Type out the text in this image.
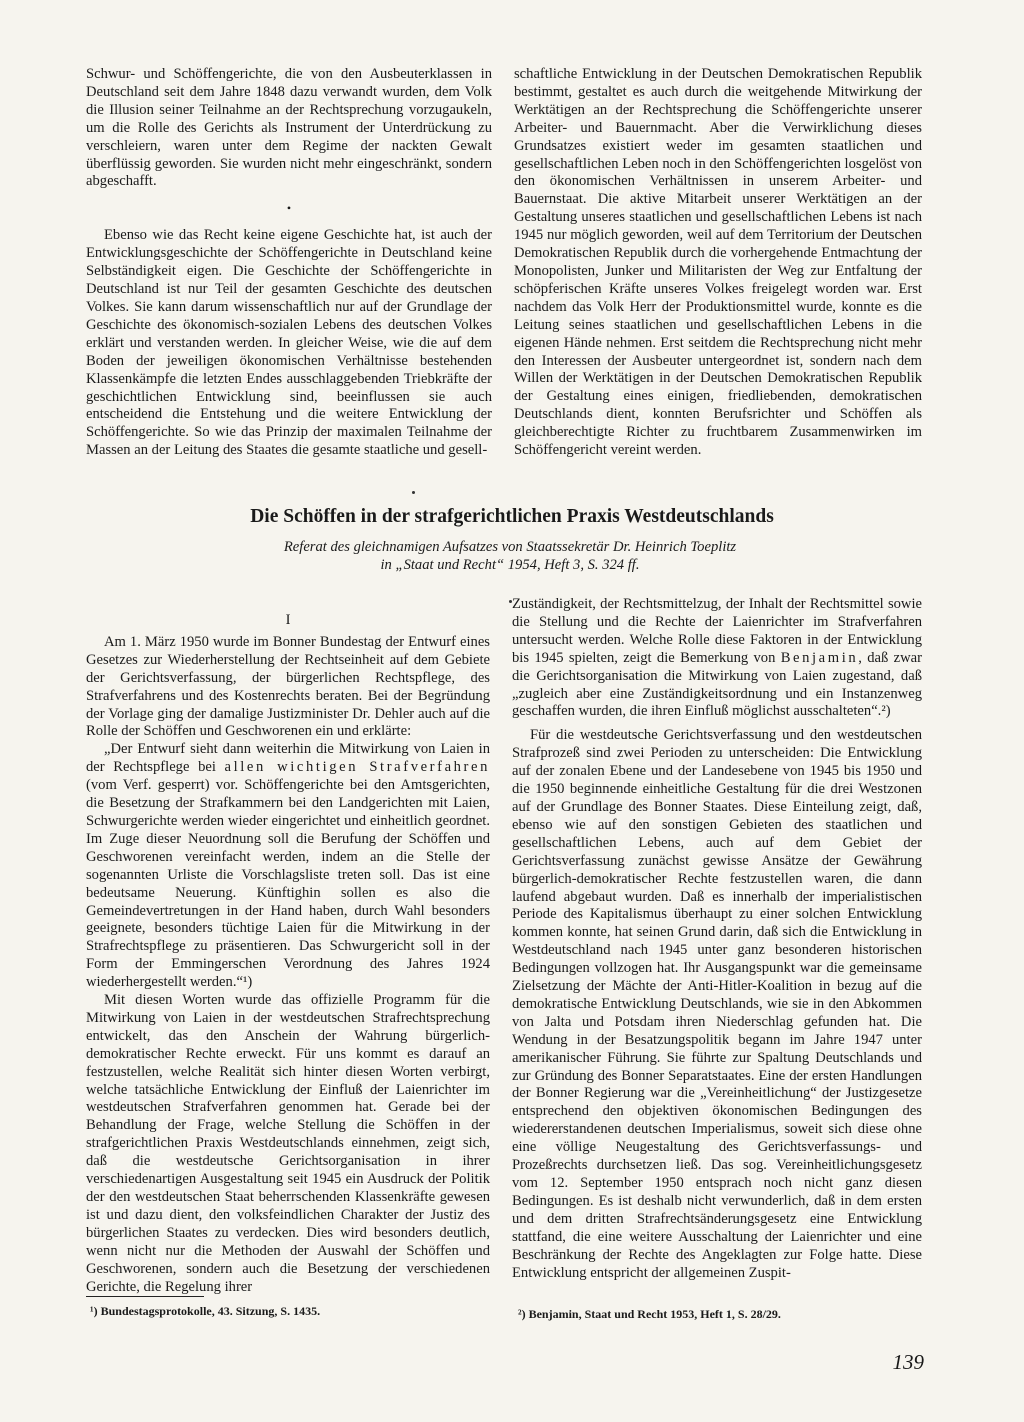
Schwur- und Schöffengerichte, die von den Ausbeuterklassen in Deutschland seit dem Jahre 1848 dazu verwandt wurden, dem Volk die Illusion seiner Teilnahme an der Rechtsprechung vorzugaukeln, um die Rolle des Gerichts als Instrument der Unterdrückung zu verschleiern, waren unter dem Regime der nackten Gewalt überflüssig geworden. Sie wurden nicht mehr eingeschränkt, sondern abgeschafft.

•

Ebenso wie das Recht keine eigene Geschichte hat, ist auch der Entwicklungsgeschichte der Schöffengerichte in Deutschland keine Selbständigkeit eigen. Die Geschichte der Schöffengerichte in Deutschland ist nur Teil der gesamten Geschichte des deutschen Volkes. Sie kann darum wissenschaftlich nur auf der Grundlage der Geschichte des ökonomisch-sozialen Lebens des deutschen Volkes erklärt und verstanden werden. In gleicher Weise, wie die auf dem Boden der jeweiligen ökonomischen Verhältnisse bestehenden Klassenkämpfe die letzten Endes ausschlaggebenden Triebkräfte der geschichtlichen Entwicklung sind, beeinflussen sie auch entscheidend die Entstehung und die weitere Entwicklung der Schöffengerichte. So wie das Prinzip der maximalen Teilnahme der Massen an der Leitung des Staates die gesamte staatliche und gesell-

schaftliche Entwicklung in der Deutschen Demokratischen Republik bestimmt, gestaltet es auch durch die weitgehende Mitwirkung der Werktätigen an der Rechtsprechung die Schöffengerichte unserer Arbeiter- und Bauernmacht. Aber die Verwirklichung dieses Grundsatzes existiert weder im gesamten staatlichen und gesellschaftlichen Leben noch in den Schöffengerichten losgelöst von den ökonomischen Verhältnissen in unserem Arbeiter- und Bauernstaat. Die aktive Mitarbeit unserer Werktätigen an der Gestaltung unseres staatlichen und gesellschaftlichen Lebens ist nach 1945 nur möglich geworden, weil auf dem Territorium der Deutschen Demokratischen Republik durch die vorhergehende Entmachtung der Monopolisten, Junker und Militaristen der Weg zur Entfaltung der schöpferischen Kräfte unseres Volkes freigelegt worden war. Erst nachdem das Volk Herr der Produktionsmittel wurde, konnte es die Leitung seines staatlichen und gesellschaftlichen Lebens in die eigenen Hände nehmen. Erst seitdem die Rechtsprechung nicht mehr den Interessen der Ausbeuter untergeordnet ist, sondern nach dem Willen der Werktätigen in der Deutschen Demokratischen Republik der Gestaltung eines einigen, friedliebenden, demokratischen Deutschlands dient, konnten Berufsrichter und Schöffen als gleichberechtigte Richter zu fruchtbarem Zusammenwirken im Schöffengericht vereint werden.

Die Schöffen in der strafgerichtlichen Praxis Westdeutschlands
Referat des gleichnamigen Aufsatzes von Staatssekretär Dr. Heinrich Toeplitz
in „Staat und Recht“ 1954, Heft 3, S. 324 ff.
I

Am 1. März 1950 wurde im Bonner Bundestag der Entwurf eines Gesetzes zur Wiederherstellung der Rechtseinheit auf dem Gebiete der Gerichtsverfassung, der bürgerlichen Rechtspflege, des Strafverfahrens und des Kostenrechts beraten. Bei der Begründung der Vorlage ging der damalige Justizminister Dr. Dehler auch auf die Rolle der Schöffen und Geschworenen ein und erklärte:

„Der Entwurf sieht dann weiterhin die Mitwirkung von Laien in der Rechtspflege bei allen wichtigen Strafverfahren (vom Verf. gesperrt) vor. Schöffengerichte bei den Amtsgerichten, die Besetzung der Strafkammern bei den Landgerichten mit Laien, Schwurgerichte werden wieder eingerichtet und einheitlich geordnet. Im Zuge dieser Neuordnung soll die Berufung der Schöffen und Geschworenen vereinfacht werden, indem an die Stelle der sogenannten Urliste die Vorschlagsliste treten soll. Das ist eine bedeutsame Neuerung. Künftighin sollen es also die Gemeindevertretungen in der Hand haben, durch Wahl besonders geeignete, besonders tüchtige Laien für die Mitwirkung in der Strafrechtspflege zu präsentieren. Das Schwurgericht soll in der Form der Emmingerschen Verordnung des Jahres 1924 wiederhergestellt werden.“¹)

Mit diesen Worten wurde das offizielle Programm für die Mitwirkung von Laien in der westdeutschen Strafrechtsprechung entwickelt, das den Anschein der Wahrung bürgerlich-demokratischer Rechte erweckt. Für uns kommt es darauf an festzustellen, welche Realität sich hinter diesen Worten verbirgt, welche tatsächliche Entwicklung der Einfluß der Laienrichter im westdeutschen Strafverfahren genommen hat. Gerade bei der Behandlung der Frage, welche Stellung die Schöffen in der strafgerichtlichen Praxis Westdeutschlands einnehmen, zeigt sich, daß die westdeutsche Gerichtsorganisation in ihrer verschiedenartigen Ausgestaltung seit 1945 ein Ausdruck der Politik der den westdeutschen Staat beherrschenden Klassenkräfte gewesen ist und dazu dient, den volksfeindlichen Charakter der Justiz des bürgerlichen Staates zu verdecken. Dies wird besonders deutlich, wenn nicht nur die Methoden der Auswahl der Schöffen und Geschworenen, sondern auch die Besetzung der verschiedenen Gerichte, die Regelung ihrer

Zuständigkeit, der Rechtsmittelzug, der Inhalt der Rechtsmittel sowie die Stellung und die Rechte der Laienrichter im Strafverfahren untersucht werden. Welche Rolle diese Faktoren in der Entwicklung bis 1945 spielten, zeigt die Bemerkung von Benjamin, daß zwar die Gerichtsorganisation die Mitwirkung von Laien zugestand, daß „zugleich aber eine Zuständigkeitsordnung und ein Instanzenweg geschaffen wurden, die ihren Einfluß möglichst ausschalteten“.²)

Für die westdeutsche Gerichtsverfassung und den westdeutschen Strafprozeß sind zwei Perioden zu unterscheiden: Die Entwicklung auf der zonalen Ebene und der Landesebene von 1945 bis 1950 und die 1950 beginnende einheitliche Gestaltung für die drei Westzonen auf der Grundlage des Bonner Staates. Diese Einteilung zeigt, daß, ebenso wie auf den sonstigen Gebieten des staatlichen und gesellschaftlichen Lebens, auch auf dem Gebiet der Gerichtsverfassung zunächst gewisse Ansätze der Gewährung bürgerlich-demokratischer Rechte festzustellen waren, die dann laufend abgebaut wurden. Daß es innerhalb der imperialistischen Periode des Kapitalismus überhaupt zu einer solchen Entwicklung kommen konnte, hat seinen Grund darin, daß sich die Entwicklung in Westdeutschland nach 1945 unter ganz besonderen historischen Bedingungen vollzogen hat. Ihr Ausgangspunkt war die gemeinsame Zielsetzung der Mächte der Anti-Hitler-Koalition in bezug auf die demokratische Entwicklung Deutschlands, wie sie in den Abkommen von Jalta und Potsdam ihren Niederschlag gefunden hat. Die Wendung in der Besatzungspolitik begann im Jahre 1947 unter amerikanischer Führung. Sie führte zur Spaltung Deutschlands und zur Gründung des Bonner Separatstaates. Eine der ersten Handlungen der Bonner Regierung war die „Vereinheitlichung“ der Justizgesetze entsprechend den objektiven ökonomischen Bedingungen des wiedererstandenen deutschen Imperialismus, soweit sich diese ohne eine völlige Neugestaltung des Gerichtsverfassungs- und Prozeßrechts durchsetzen ließ. Das sog. Vereinheitlichungsgesetz vom 12. September 1950 entsprach noch nicht ganz diesen Bedingungen. Es ist deshalb nicht verwunderlich, daß in dem ersten und dem dritten Strafrechtsänderungsgesetz eine Entwicklung stattfand, die eine weitere Ausschaltung der Laienrichter und eine Beschränkung der Rechte des Angeklagten zur Folge hatte. Diese Entwicklung entspricht der allgemeinen Zuspit-

¹) Bundestagsprotokolle, 43. Sitzung, S. 1435.	²) Benjamin, Staat und Recht 1953, Heft 1, S. 28/29.
139
